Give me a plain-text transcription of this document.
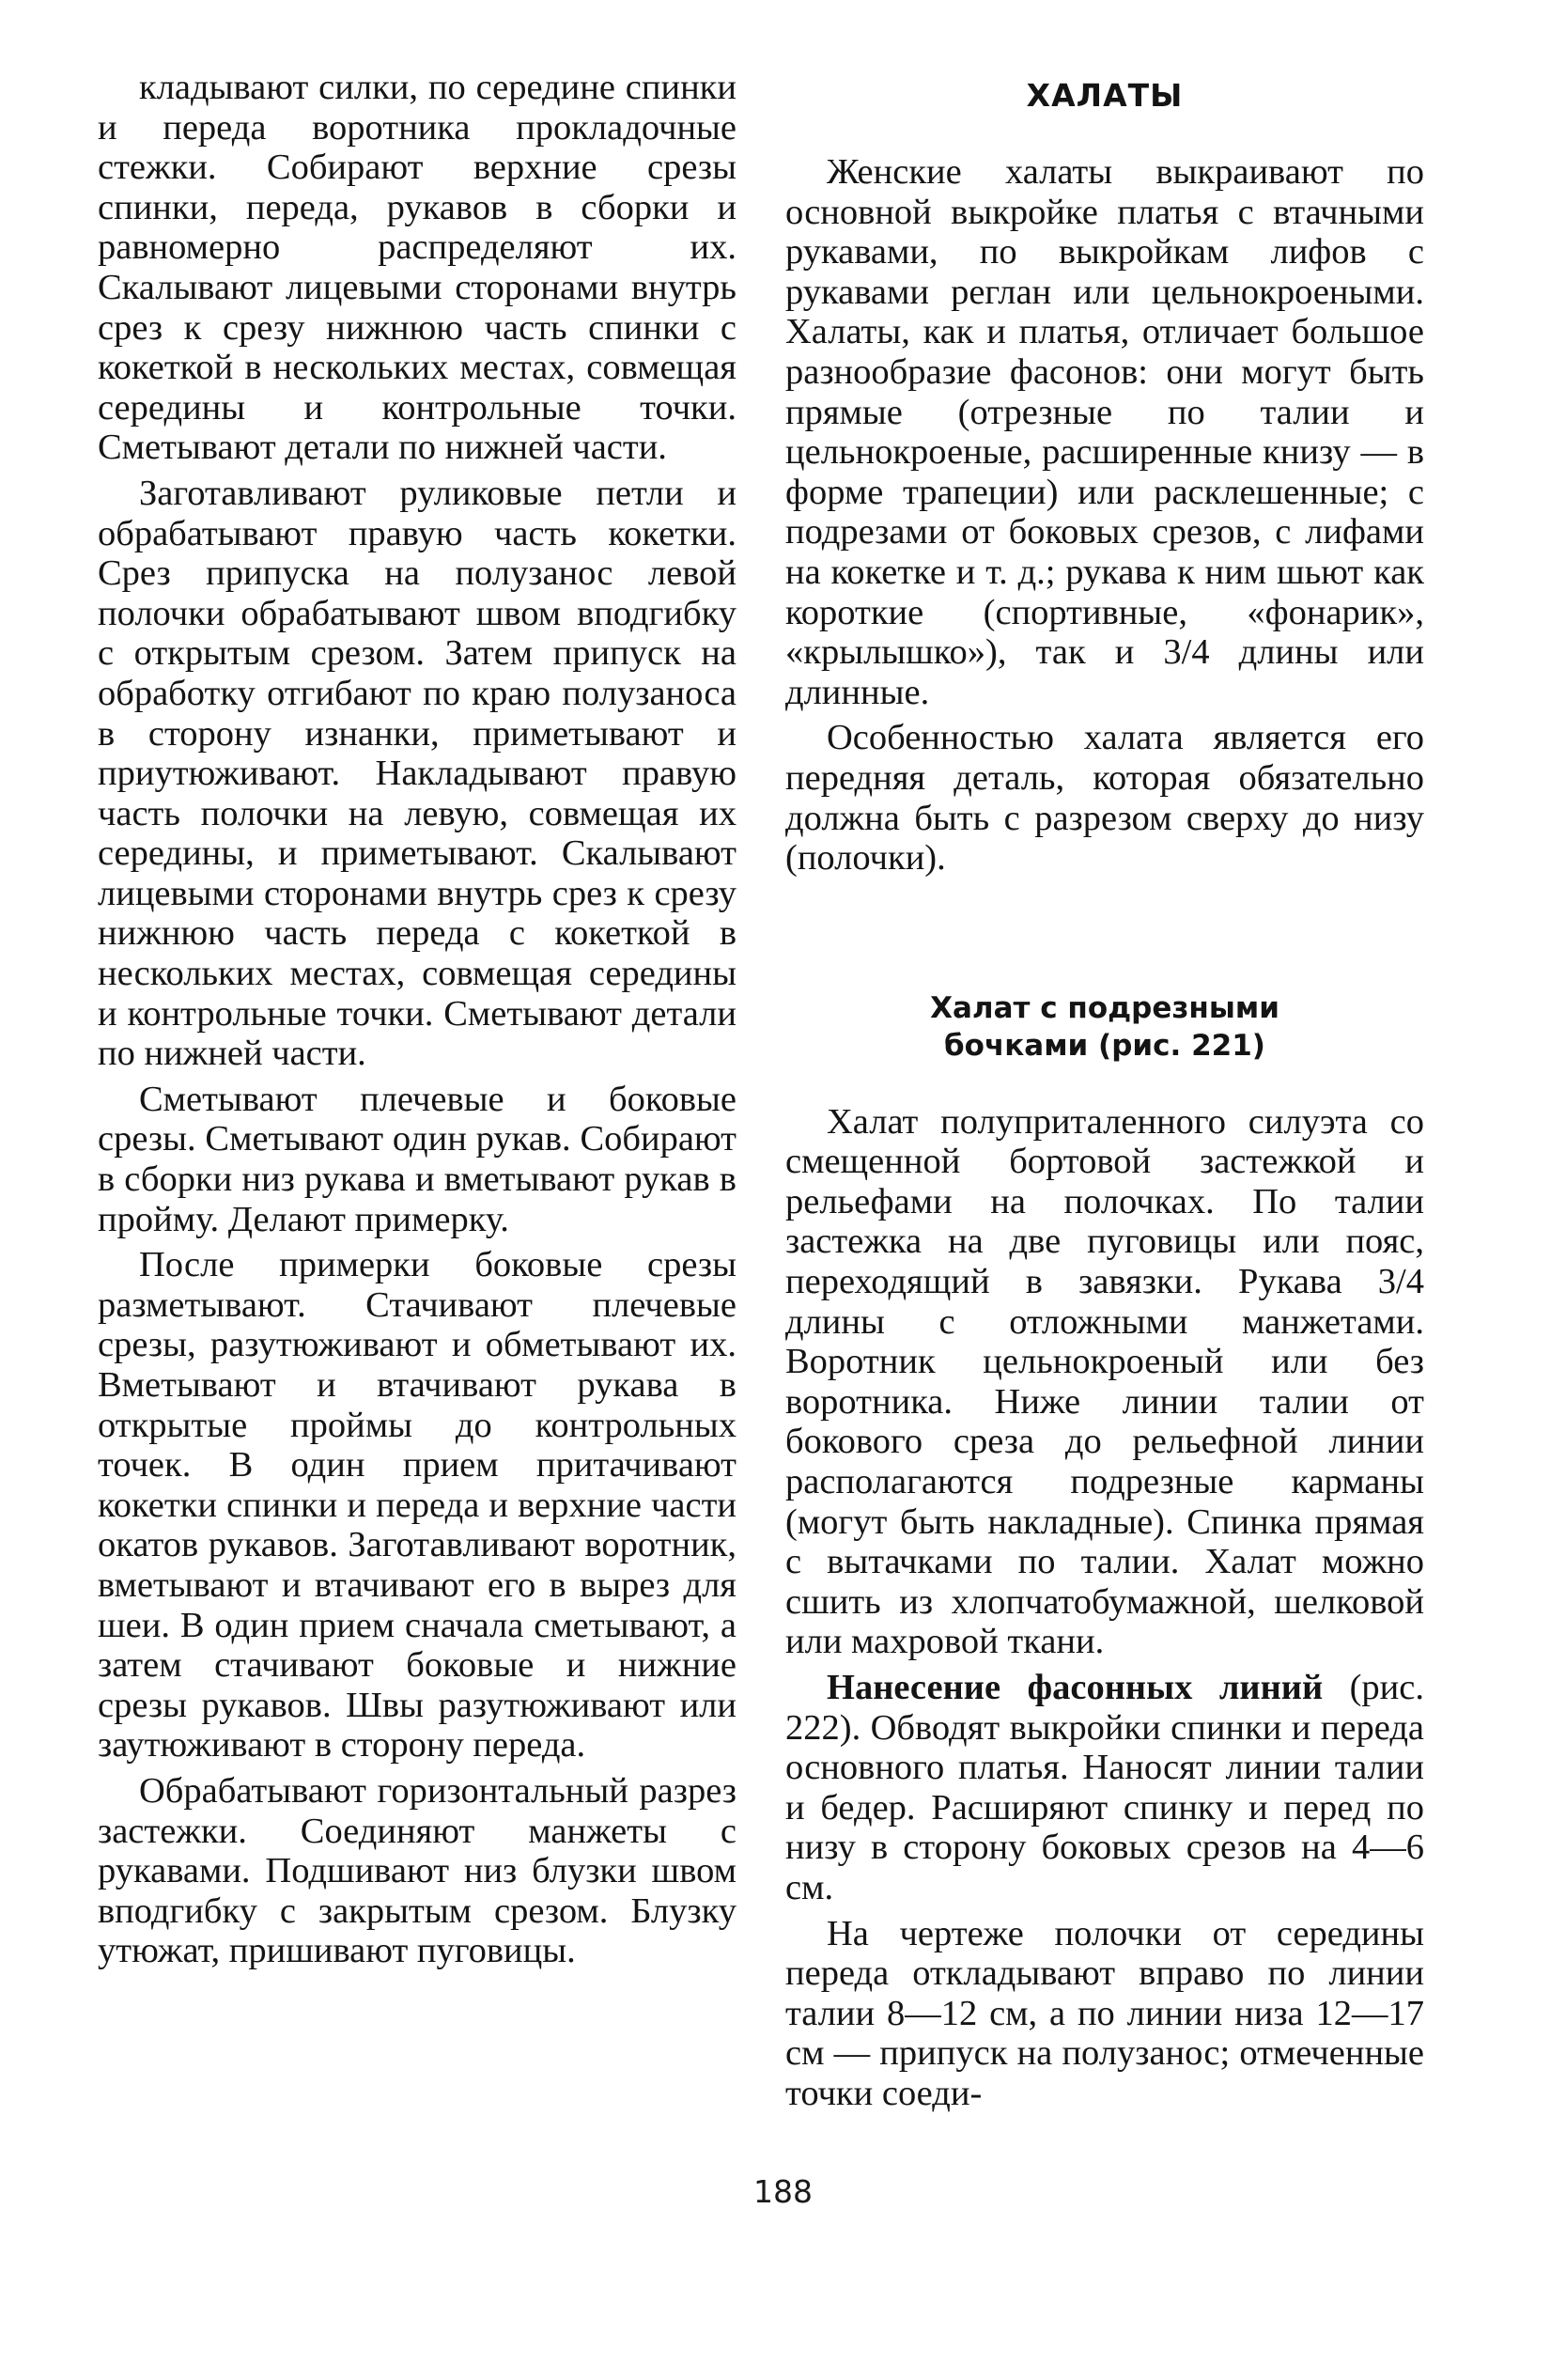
кладывают силки, по середине спинки и переда воротника прокладочные стежки. Собирают верхние срезы спинки, переда, рукавов в сборки и равномерно распределяют их. Скалывают лицевыми сторонами внутрь срез к срезу нижнюю часть спинки с кокеткой в нескольких местах, совмещая середины и контрольные точки. Сметывают детали по нижней части.

Заготавливают руликовые петли и обрабатывают правую часть кокетки. Срез припуска на полузанос левой полочки обрабатывают швом вподгибку с открытым срезом. Затем припуск на обработку отгибают по краю полузаноса в сторону изнанки, приметывают и приутюживают. Накладывают правую часть полочки на левую, совмещая их середины, и приметывают. Скалывают лицевыми сторонами внутрь срез к срезу нижнюю часть переда с кокеткой в нескольких местах, совмещая середины и контрольные точки. Сметывают детали по нижней части.

Сметывают плечевые и боковые срезы. Сметывают один рукав. Собирают в сборки низ рукава и вметывают рукав в пройму. Делают примерку.

После примерки боковые срезы разметывают. Стачивают плечевые срезы, разутюживают и обметывают их. Вметывают и втачивают рукава в открытые проймы до контрольных точек. В один прием притачивают кокетки спинки и переда и верхние части окатов рукавов. Заготавливают воротник, вметывают и втачивают его в вырез для шеи. В один прием сначала сметывают, а затем стачивают боковые и нижние срезы рукавов. Швы разутюживают или заутюживают в сторону переда.

Обрабатывают горизонтальный разрез застежки. Соединяют манжеты с рукавами. Подшивают низ блузки швом вподгибку с закрытым срезом. Блузку утюжат, пришивают пуговицы.

ХАЛАТЫ

Женские халаты выкраивают по основной выкройке платья с втачными рукавами, по выкройкам лифов с рукавами реглан или цельнокроеными. Халаты, как и платья, отличает большое разнообразие фасонов: они могут быть прямые (отрезные по талии и цельнокроеные, расширенные книзу — в форме трапеции) или расклешенные; с подрезами от боковых срезов, с лифами на кокетке и т. д.; рукава к ним шьют как короткие (спортивные, «фонарик», «крылышко»), так и 3/4 длины или длинные.

Особенностью халата является его передняя деталь, которая обязательно должна быть с разрезом сверху до низу (полочки).

Халат с подрезными
бочками (рис. 221)

Халат полуприталенного силуэта со смещенной бортовой застежкой и рельефами на полочках. По талии застежка на две пуговицы или пояс, переходящий в завязки. Рукава 3/4 длины с отложными манжетами. Воротник цельнокроеный или без воротника. Ниже линии талии от бокового среза до рельефной линии располагаются подрезные карманы (могут быть накладные). Спинка прямая с вытачками по талии. Халат можно сшить из хлопчатобумажной, шелковой или махровой ткани.

Нанесение фасонных линий (рис. 222). Обводят выкройки спинки и переда основного платья. Наносят линии талии и бедер. Расширяют спинку и перед по низу в сторону боковых срезов на 4—6 см.

На чертеже полочки от середины переда откладывают вправо по линии талии 8—12 см, а по линии низа 12—17 см — припуск на полузанос; отмеченные точки соеди-

188
